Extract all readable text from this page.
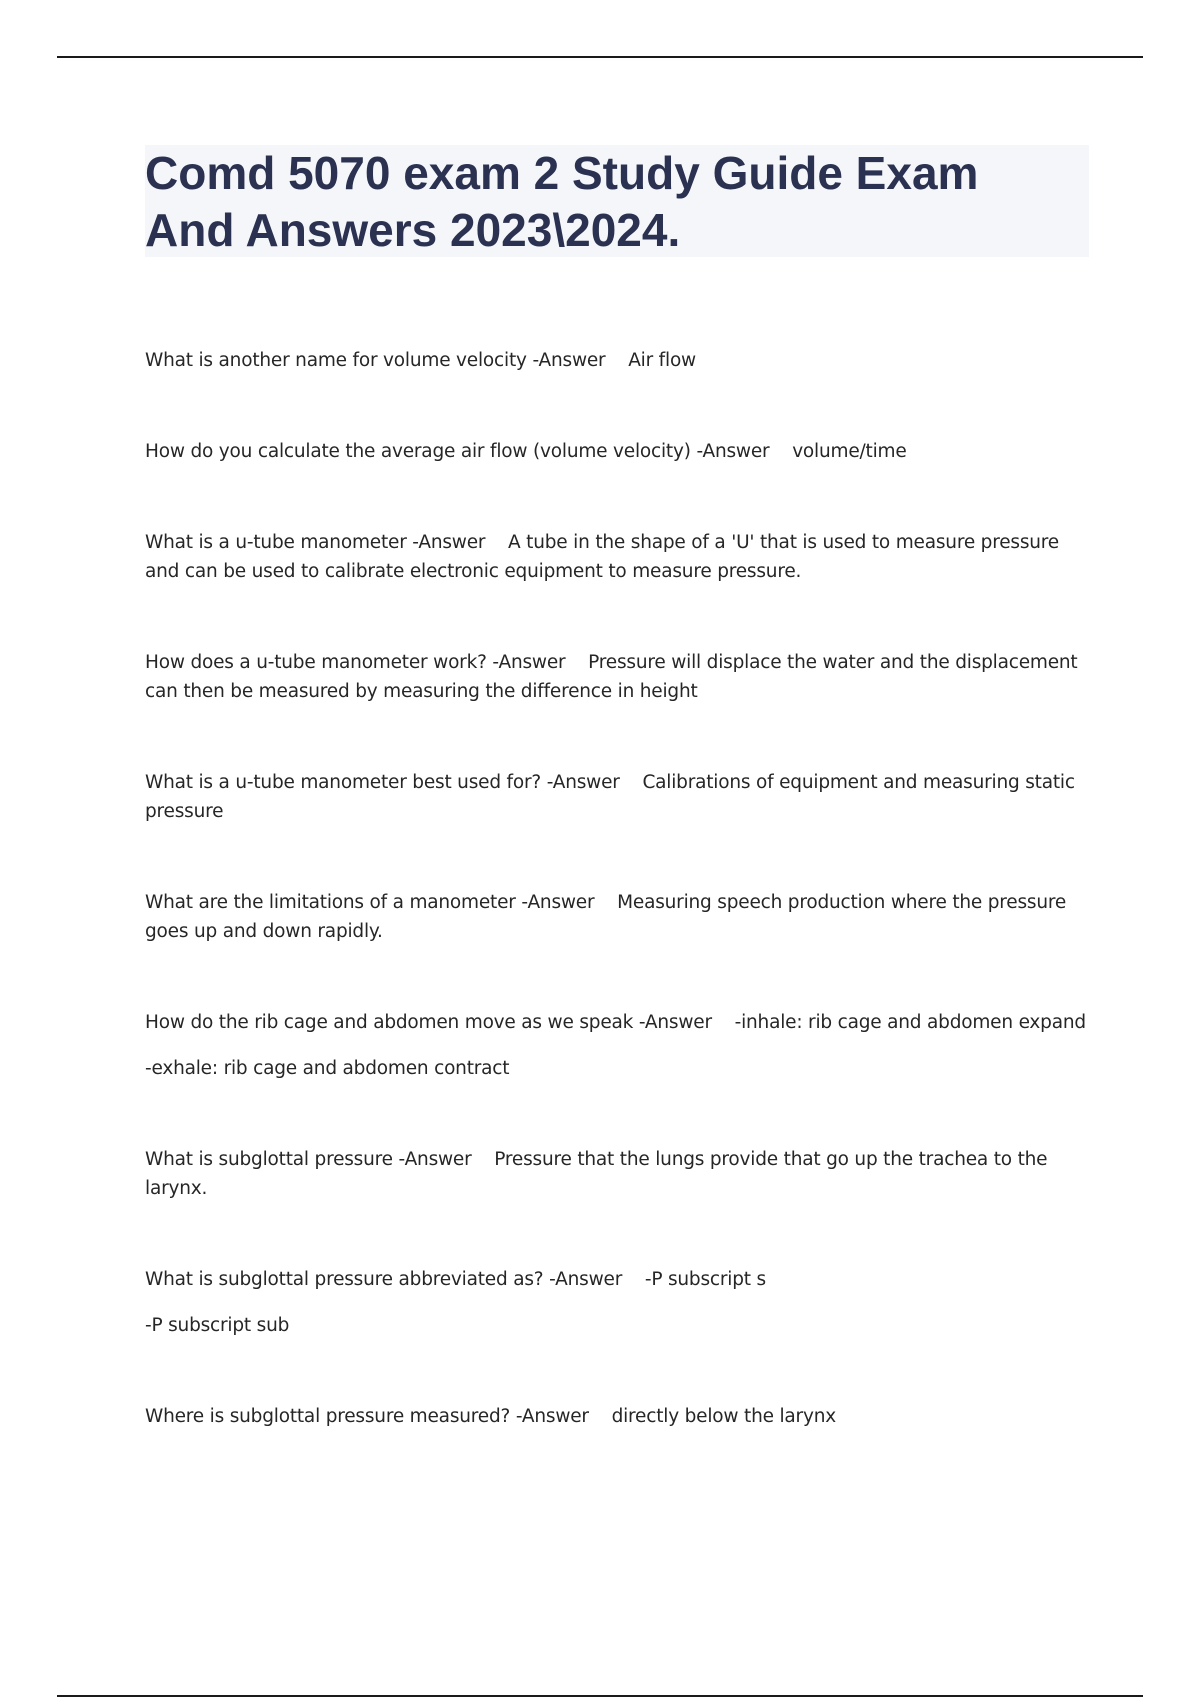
Comd 5070 exam 2 Study Guide Exam
And Answers 2023\2024.

What is another name for volume velocity -Answer Air flow

How do you calculate the average air flow (volume velocity) -Answer volume/time

What is a u-tube manometer -Answer A tube in the shape of a 'U' that is used to measure pressure and can be used to calibrate electronic equipment to measure pressure.

How does a u-tube manometer work? -Answer Pressure will displace the water and the displacement can then be measured by measuring the difference in height

What is a u-tube manometer best used for? -Answer Calibrations of equipment and measuring static pressure

What are the limitations of a manometer -Answer Measuring speech production where the pressure goes up and down rapidly.

How do the rib cage and abdomen move as we speak -Answer -inhale: rib cage and abdomen expand

-exhale: rib cage and abdomen contract

What is subglottal pressure -Answer Pressure that the lungs provide that go up the trachea to the larynx.

What is subglottal pressure abbreviated as? -Answer -P subscript s

-P subscript sub

Where is subglottal pressure measured? -Answer directly below the larynx
